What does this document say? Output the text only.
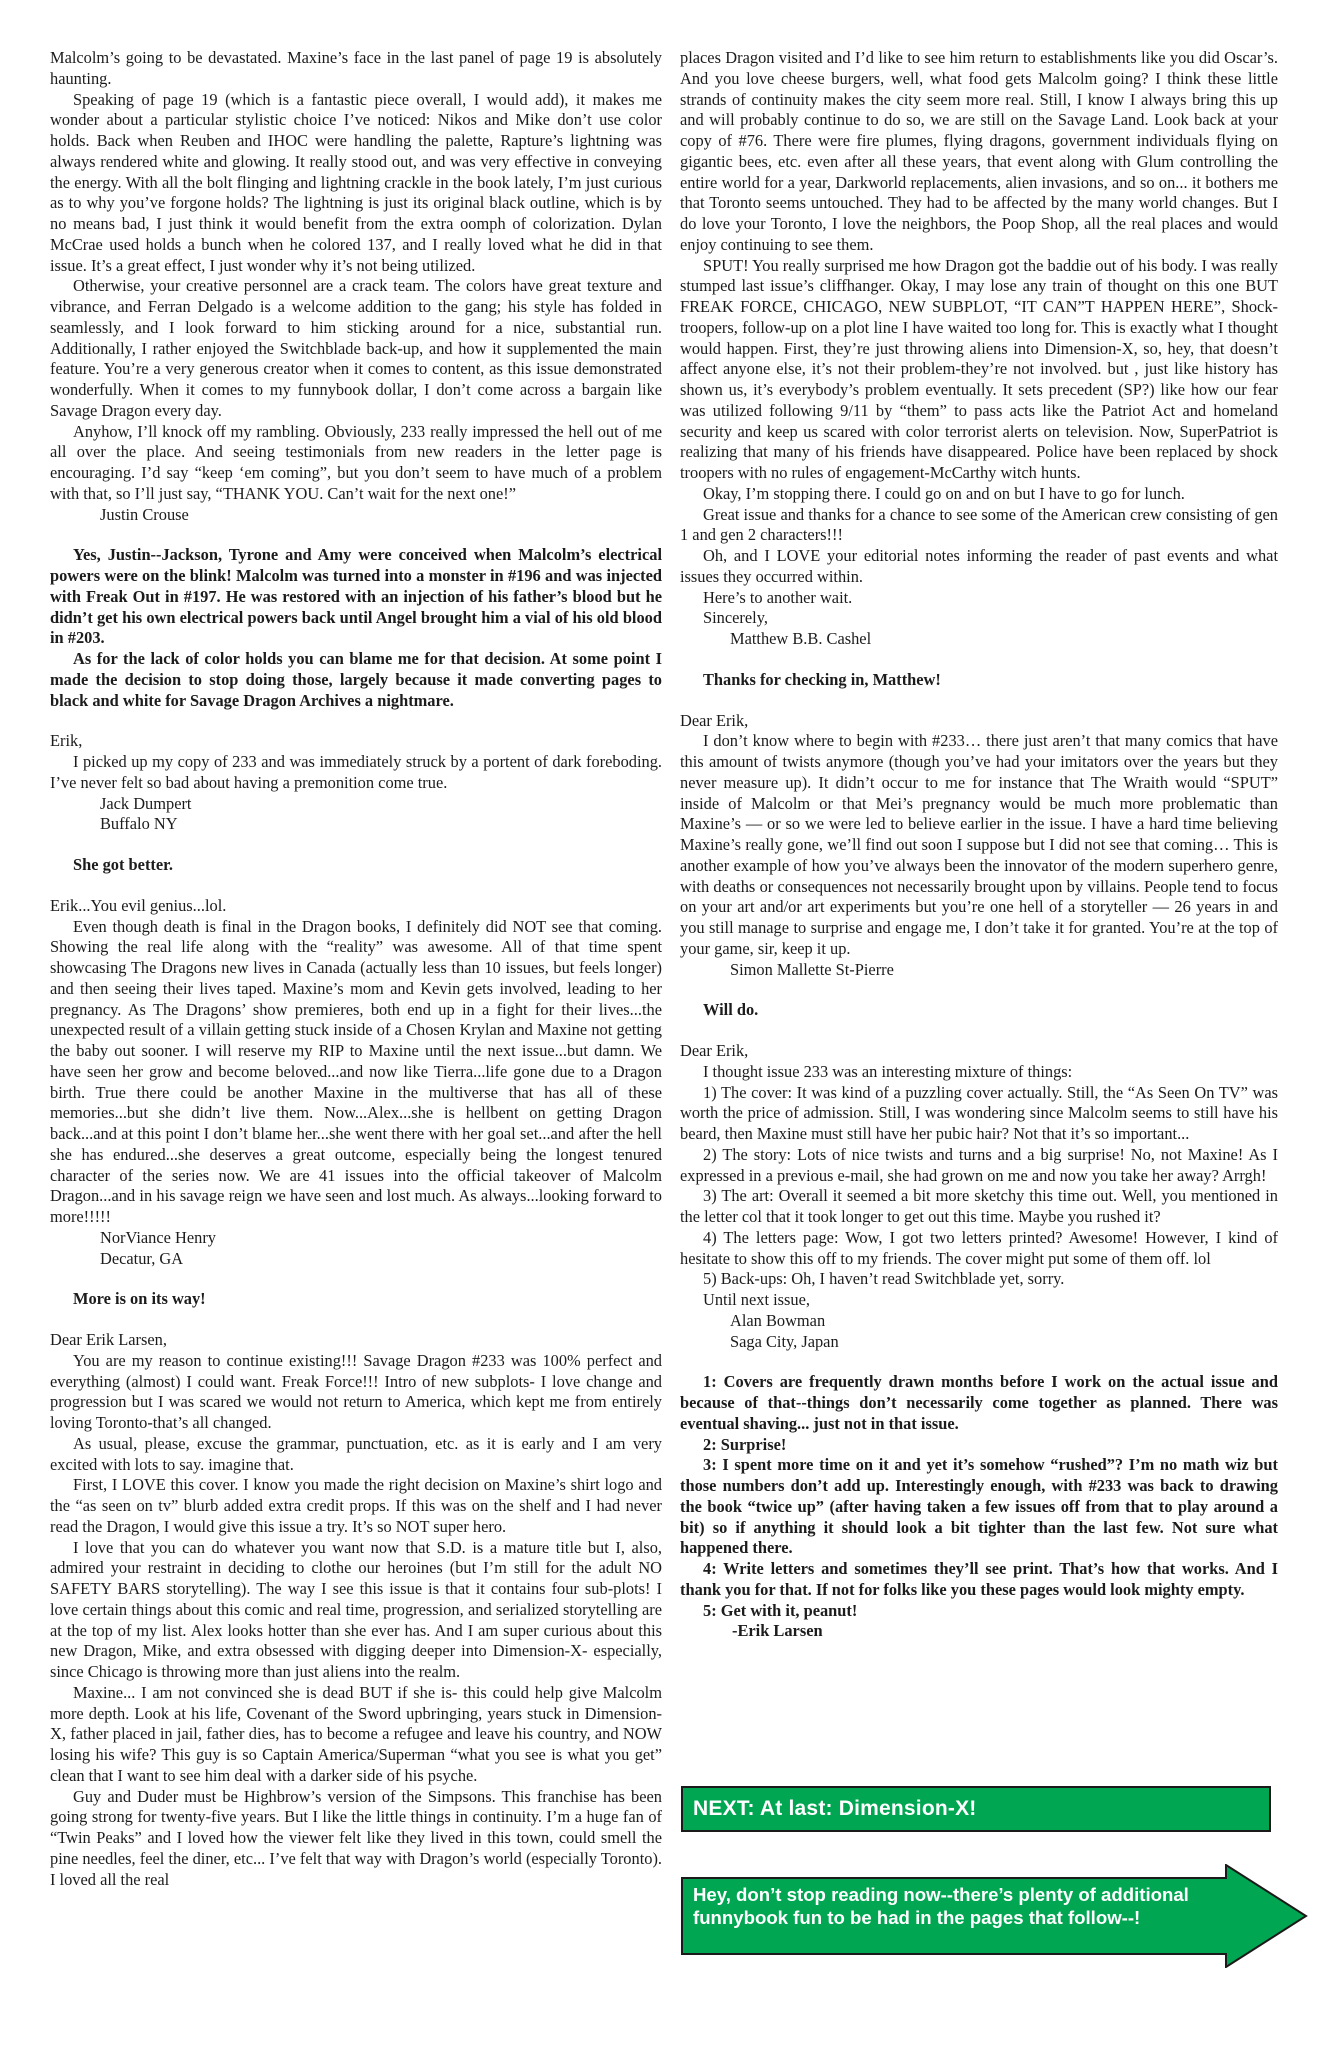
Malcolm’s going to be devastated. Maxine’s face in the last panel of page 19 is absolutely haunting.

Speaking of page 19 (which is a fantastic piece overall, I would add), it makes me wonder about a particular stylistic choice I’ve noticed: Nikos and Mike don’t use color holds. Back when Reuben and IHOC were handling the palette, Rapture’s lightning was always rendered white and glowing. It really stood out, and was very effective in conveying the energy. With all the bolt flinging and lightning crackle in the book lately, I’m just curious as to why you’ve forgone holds? The lightning is just its original black outline, which is by no means bad, I just think it would benefit from the extra oomph of colorization. Dylan McCrae used holds a bunch when he colored 137, and I really loved what he did in that issue. It’s a great effect, I just wonder why it’s not being utilized.

Otherwise, your creative personnel are a crack team. The colors have great texture and vibrance, and Ferran Delgado is a welcome addition to the gang; his style has folded in seamlessly, and I look forward to him sticking around for a nice, substantial run. Additionally, I rather enjoyed the Switchblade back-up, and how it supplemented the main feature. You’re a very generous creator when it comes to content, as this issue demonstrated wonderfully. When it comes to my funnybook dollar, I don’t come across a bargain like Savage Dragon every day.

Anyhow, I’ll knock off my rambling. Obviously, 233 really impressed the hell out of me all over the place. And seeing testimonials from new readers in the letter page is encouraging. I’d say “keep ‘em coming”, but you don’t seem to have much of a problem with that, so I’ll just say, “THANK YOU. Can’t wait for the next one!”

Justin Crouse

Yes, Justin--Jackson, Tyrone and Amy were conceived when Malcolm’s electrical powers were on the blink! Malcolm was turned into a monster in #196 and was injected with Freak Out in #197. He was restored with an injection of his father’s blood but he didn’t get his own electrical powers back until Angel brought him a vial of his old blood in #203.

As for the lack of color holds you can blame me for that decision. At some point I made the decision to stop doing those, largely because it made converting pages to black and white for Savage Dragon Archives a nightmare.

Erik,

I picked up my copy of 233 and was immediately struck by a portent of dark foreboding. I’ve never felt so bad about having a premonition come true.

Jack Dumpert

Buffalo NY

She got better.

Erik...You evil genius...lol.

Even though death is final in the Dragon books, I definitely did NOT see that coming. Showing the real life along with the “reality” was awesome. All of that time spent showcasing The Dragons new lives in Canada (actually less than 10 issues, but feels longer) and then seeing their lives taped. Maxine’s mom and Kevin gets involved, leading to her pregnancy. As The Dragons’ show premieres, both end up in a fight for their lives...the unexpected result of a villain getting stuck inside of a Chosen Krylan and Maxine not getting the baby out sooner. I will reserve my RIP to Maxine until the next issue...but damn. We have seen her grow and become beloved...and now like Tierra...life gone due to a Dragon birth. True there could be another Maxine in the multiverse that has all of these memories...but she didn’t live them. Now...Alex...she is hellbent on getting Dragon back...and at this point I don’t blame her...she went there with her goal set...and after the hell she has endured...she deserves a great outcome, especially being the longest tenured character of the series now. We are 41 issues into the official takeover of Malcolm Dragon...and in his savage reign we have seen and lost much. As always...looking forward to more!!!!!

NorViance Henry

Decatur, GA

More is on its way!

Dear Erik Larsen,

You are my reason to continue existing!!! Savage Dragon #233 was 100% perfect and everything (almost) I could want. Freak Force!!! Intro of new subplots- I love change and progression but I was scared we would not return to America, which kept me from entirely loving Toronto-that’s all changed.

As usual, please, excuse the grammar, punctuation, etc. as it is early and I am very excited with lots to say. imagine that.

First, I LOVE this cover. I know you made the right decision on Maxine’s shirt logo and the “as seen on tv” blurb added extra credit props. If this was on the shelf and I had never read the Dragon, I would give this issue a try. It’s so NOT super hero.

I love that you can do whatever you want now that S.D. is a mature title but I, also, admired your restraint in deciding to clothe our heroines (but I’m still for the adult NO SAFETY BARS storytelling). The way I see this issue is that it contains four sub-plots! I love certain things about this comic and real time, progression, and serialized storytelling are at the top of my list. Alex looks hotter than she ever has. And I am super curious about this new Dragon, Mike, and extra obsessed with digging deeper into Dimension-X- especially, since Chicago is throwing more than just aliens into the realm.

Maxine... I am not convinced she is dead BUT if she is- this could help give Malcolm more depth. Look at his life, Covenant of the Sword upbringing, years stuck in Dimension-X, father placed in jail, father dies, has to become a refugee and leave his country, and NOW losing his wife? This guy is so Captain America/Superman “what you see is what you get” clean that I want to see him deal with a darker side of his psyche.

Guy and Duder must be Highbrow’s version of the Simpsons. This franchise has been going strong for twenty-five years. But I like the little things in continuity. I’m a huge fan of “Twin Peaks” and I loved how the viewer felt like they lived in this town, could smell the pine needles, feel the diner, etc... I’ve felt that way with Dragon’s world (especially Toronto). I loved all the real

places Dragon visited and I’d like to see him return to establishments like you did Oscar’s. And you love cheese burgers, well, what food gets Malcolm going? I think these little strands of continuity makes the city seem more real. Still, I know I always bring this up and will probably continue to do so, we are still on the Savage Land. Look back at your copy of #76. There were fire plumes, flying dragons, government individuals flying on gigantic bees, etc. even after all these years, that event along with Glum controlling the entire world for a year, Darkworld replacements, alien invasions, and so on... it bothers me that Toronto seems untouched. They had to be affected by the many world changes. But I do love your Toronto, I love the neighbors, the Poop Shop, all the real places and would enjoy continuing to see them.

SPUT! You really surprised me how Dragon got the baddie out of his body. I was really stumped last issue’s cliffhanger. Okay, I may lose any train of thought on this one BUT FREAK FORCE, CHICAGO, NEW SUBPLOT, “IT CAN”T HAPPEN HERE”, Shock-troopers, follow-up on a plot line I have waited too long for. This is exactly what I thought would happen. First, they’re just throwing aliens into Dimension-X, so, hey, that doesn’t affect anyone else, it’s not their problem-they’re not involved. but , just like history has shown us, it’s everybody’s problem eventually. It sets precedent (SP?) like how our fear was utilized following 9/11 by “them” to pass acts like the Patriot Act and homeland security and keep us scared with color terrorist alerts on television. Now, SuperPatriot is realizing that many of his friends have disappeared. Police have been replaced by shock troopers with no rules of engagement-McCarthy witch hunts.

Okay, I’m stopping there. I could go on and on but I have to go for lunch.

Great issue and thanks for a chance to see some of the American crew consisting of gen 1 and gen 2 characters!!!

Oh, and I LOVE your editorial notes informing the reader of past events and what issues they occurred within.

Here’s to another wait.

Sincerely,

Matthew B.B. Cashel

Thanks for checking in, Matthew!

Dear Erik,

I don’t know where to begin with #233… there just aren’t that many comics that have this amount of twists anymore (though you’ve had your imitators over the years but they never measure up). It didn’t occur to me for instance that The Wraith would “SPUT” inside of Malcolm or that Mei’s pregnancy would be much more problematic than Maxine’s — or so we were led to believe earlier in the issue. I have a hard time believing Maxine’s really gone, we’ll find out soon I suppose but I did not see that coming… This is another example of how you’ve always been the innovator of the modern superhero genre, with deaths or consequences not necessarily brought upon by villains. People tend to focus on your art and/or art experiments but you’re one hell of a storyteller — 26 years in and you still manage to surprise and engage me, I don’t take it for granted. You’re at the top of your game, sir, keep it up.

Simon Mallette St-Pierre

Will do.

Dear Erik,

I thought issue 233 was an interesting mixture of things:

1) The cover: It was kind of a puzzling cover actually. Still, the “As Seen On TV” was worth the price of admission. Still, I was wondering since Malcolm seems to still have his beard, then Maxine must still have her pubic hair? Not that it’s so important...

2) The story: Lots of nice twists and turns and a big surprise! No, not Maxine! As I expressed in a previous e-mail, she had grown on me and now you take her away? Arrgh!

3) The art: Overall it seemed a bit more sketchy this time out. Well, you mentioned in the letter col that it took longer to get out this time. Maybe you rushed it?

4) The letters page: Wow, I got two letters printed? Awesome! However, I kind of hesitate to show this off to my friends. The cover might put some of them off. lol

5) Back-ups: Oh, I haven’t read Switchblade yet, sorry.

Until next issue,

Alan Bowman

Saga City, Japan

1: Covers are frequently drawn months before I work on the actual issue and because of that--things don’t necessarily come together as planned. There was eventual shaving... just not in that issue.

2: Surprise!

3: I spent more time on it and yet it’s somehow “rushed”? I’m no math wiz but those numbers don’t add up. Interestingly enough, with #233 was back to drawing the book “twice up” (after having taken a few issues off from that to play around a bit) so if anything it should look a bit tighter than the last few. Not sure what happened there.

4: Write letters and sometimes they’ll see print. That’s how that works. And I thank you for that. If not for folks like you these pages would look mighty empty.

5: Get with it, peanut!

-Erik Larsen

NEXT: At last: Dimension-X!
Hey, don’t stop reading now--there’s plenty of additional funnybook fun to be had in the pages that follow--!
